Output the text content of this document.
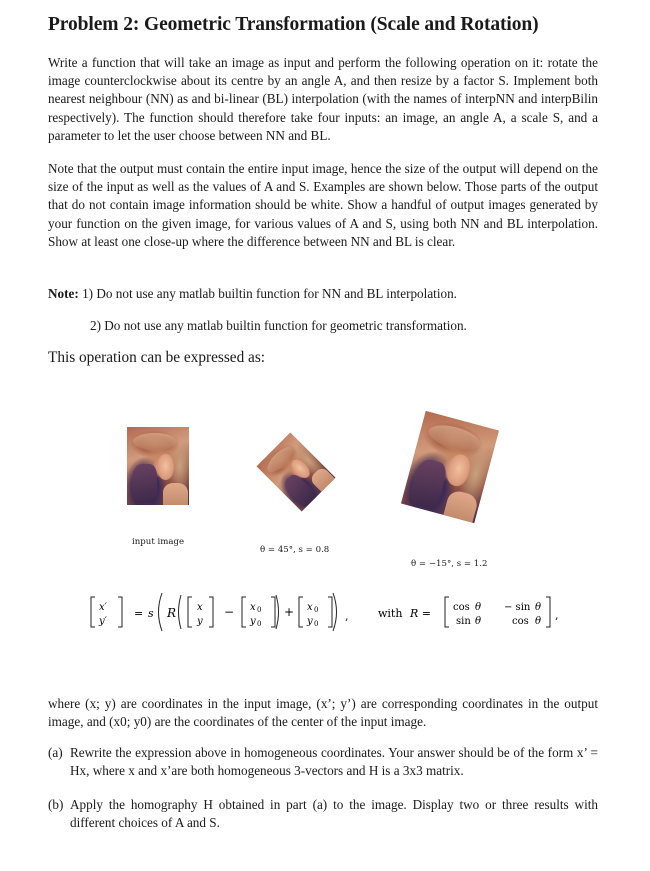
Problem 2: Geometric Transformation (Scale and Rotation)

Write a function that will take an image as input and perform the following operation on it: rotate the image counterclockwise about its centre by an angle A, and then resize by a factor S. Implement both nearest neighbour (NN) as and bi-linear (BL) interpolation (with the names of interpNN and interpBilin respectively). The function should therefore take four inputs: an image, an angle A, a scale S, and a parameter to let the user choose between NN and BL.

Note that the output must contain the entire input image, hence the size of the output will depend on the size of the input as well as the values of A and S. Examples are shown below. Those parts of the output that do not contain image information should be white. Show a handful of output images generated by your function on the given image, for various values of A and S, using both NN and BL interpolation. Show at least one close-up where the difference between NN and BL is clear.

Note: 1) Do not use any matlab builtin function for NN and BL interpolation.

2) Do not use any matlab builtin function for geometric transformation.

This operation can be expressed as:

input image
θ = 45°, s = 0.8
θ = −15°, s = 1.2
x′
y′
= s R x
y
− x 0
y 0
+ x 0
y 0
,	with R = cos θ − sin θ
sin θ	cos θ ,

where (x; y) are coordinates in the input image, (x’; y’) are corresponding coordinates in the output image, and (x0; y0) are the coordinates of the center of the input image.

(a) Rewrite the expression above in homogeneous coordinates. Your answer should be of the form x’ = Hx, where x and x’are both homogeneous 3-vectors and H is a 3x3 matrix.
(b) Apply the homography H obtained in part (a) to the image. Display two or three results with different choices of A and S.
